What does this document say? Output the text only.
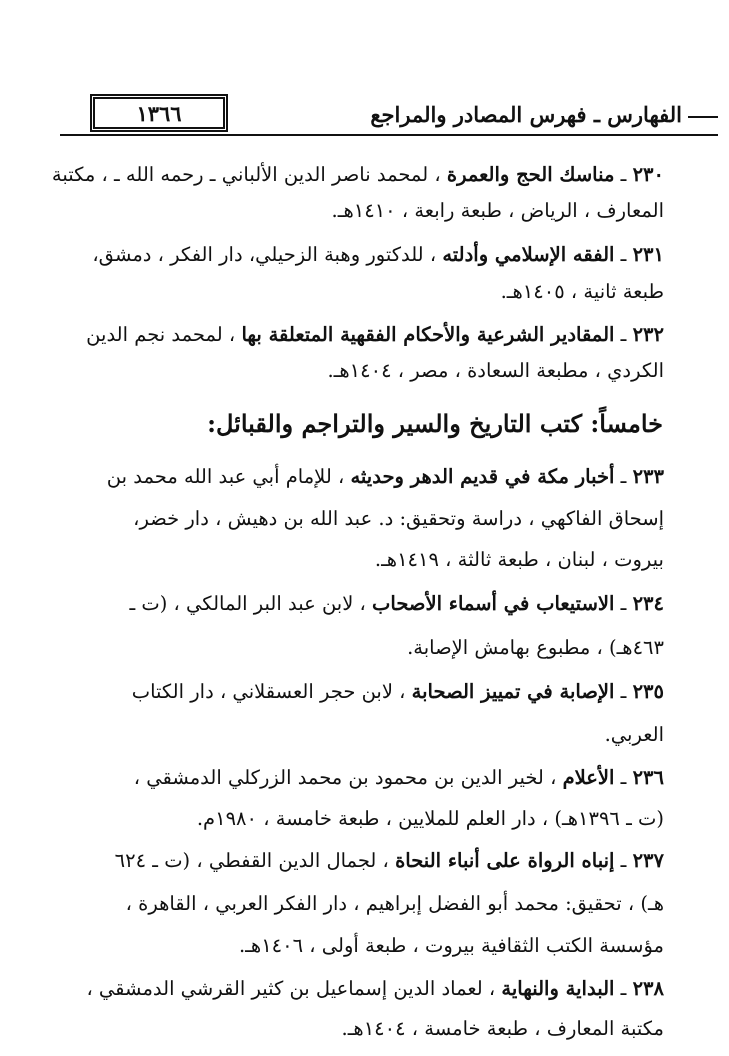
الفهارس ـ فهرس المصادر والمراجع
١٣٦٦
٢٣٠ ـ مناسك الحج والعمرة ، لمحمد ناصر الدين الألباني ـ رحمه الله ـ ، مكتبة
المعارف ، الرياض ، طبعة رابعة ، ١٤١٠هـ.
٢٣١ ـ الفقه الإسلامي وأدلته ، للدكتور وهبة الزحيلي، دار الفكر ، دمشق،
طبعة ثانية ، ١٤٠٥هـ.
٢٣٢ ـ المقادير الشرعية والأحكام الفقهية المتعلقة بها ، لمحمد نجم الدين
الكردي ، مطبعة السعادة ، مصر ، ١٤٠٤هـ.
خامساً: كتب التاريخ والسير والتراجم والقبائل:
٢٣٣ ـ أخبار مكة في قديم الدهر وحديثه ، للإمام أبي عبد الله محمد بن
إسحاق الفاكهي ، دراسة وتحقيق: د. عبد الله بن دهيش ، دار خضر،
بيروت ، لبنان ، طبعة ثالثة ، ١٤١٩هـ.
٢٣٤ ـ الاستيعاب في أسماء الأصحاب ، لابن عبد البر المالكي ، (ت ـ
٤٦٣هـ) ، مطبوع بهامش الإصابة.
٢٣٥ ـ الإصابة في تمييز الصحابة ، لابن حجر العسقلاني ، دار الكتاب
العربي.
٢٣٦ ـ الأعلام ، لخير الدين بن محمود بن محمد الزركلي الدمشقي ،
(ت ـ ١٣٩٦هـ) ، دار العلم للملايين ، طبعة خامسة ، ١٩٨٠م.
٢٣٧ ـ إنباه الرواة على أنباء النحاة ، لجمال الدين القفطي ، (ت ـ ٦٢٤
هـ) ، تحقيق: محمد أبو الفضل إبراهيم ، دار الفكر العربي ، القاهرة ،
مؤسسة الكتب الثقافية بيروت ، طبعة أولى ، ١٤٠٦هـ.
٢٣٨ ـ البداية والنهاية ، لعماد الدين إسماعيل بن كثير القرشي الدمشقي ،
مكتبة المعارف ، طبعة خامسة ، ١٤٠٤هـ.
